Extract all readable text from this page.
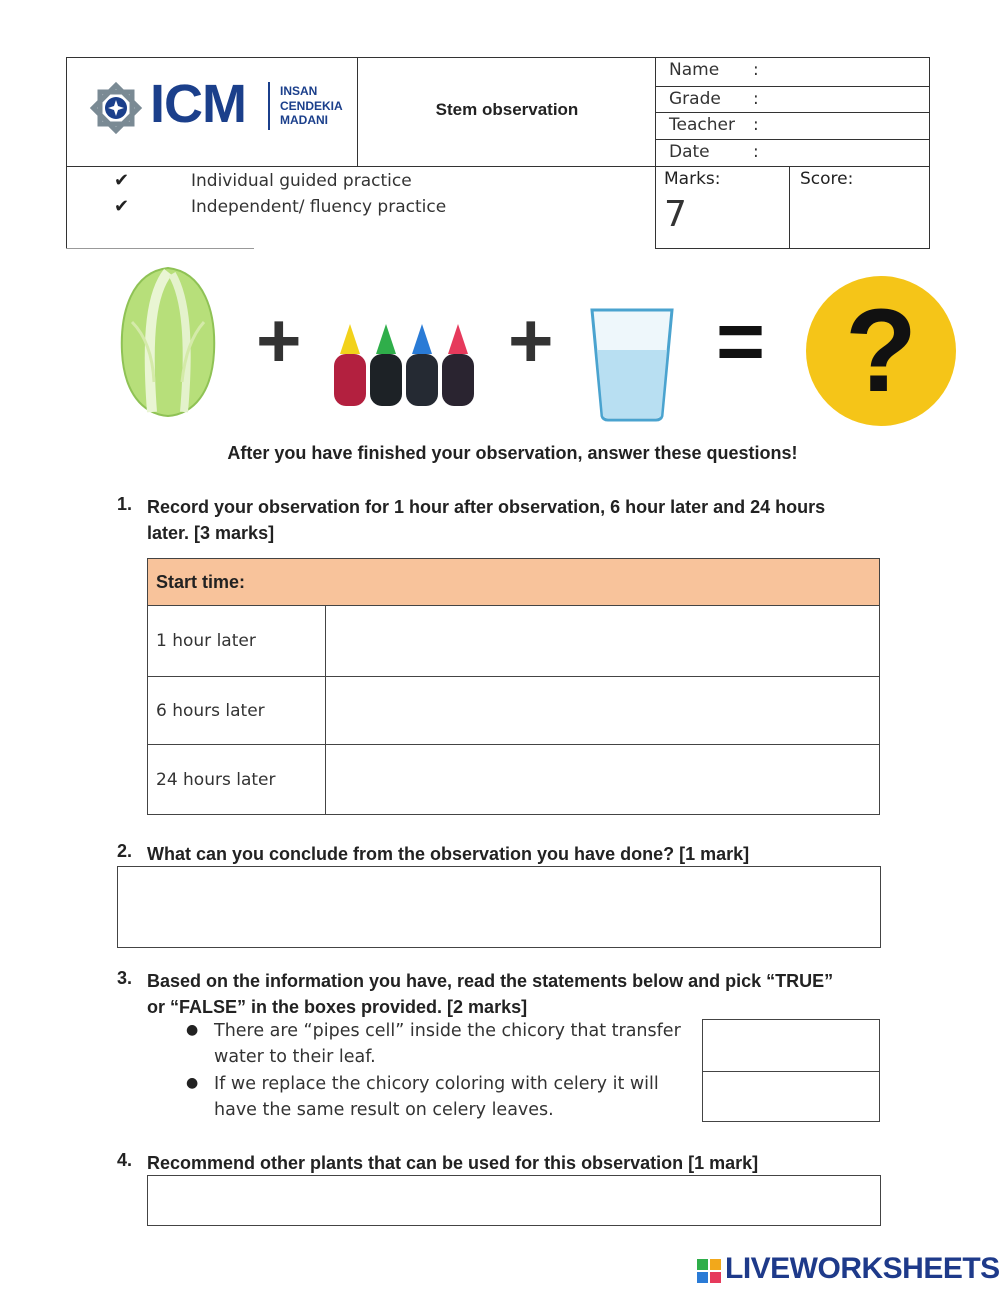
ICM	INSAN
CENDEKIA
MADANI
Stem observation
Name :
Grade :
Teacher :
Date	:
✔	Individual guided practice
✔	Independent/ fluency practice
Marks:
7
Score:
+	+ = ?
After you have finished your observation, answer these questions!
1. Record your observation for 1 hour after observation, 6 hour later and 24 hours later. [3 marks]
Start time:	
1 hour later	
6 hours later	
24 hours later	
2. What can you conclude from the observation you have done? [1 mark]
3. Based on the information you have, read the statements below and pick “TRUE” or “FALSE” in the boxes provided. [2 marks]
● There are “pipes cell” inside the chicory that transfer water to their leaf.
● If we replace the chicory coloring with celery it will have the same result on celery leaves.
4. Recommend other plants that can be used for this observation [1 mark]
LIVEWORKSHEETS
